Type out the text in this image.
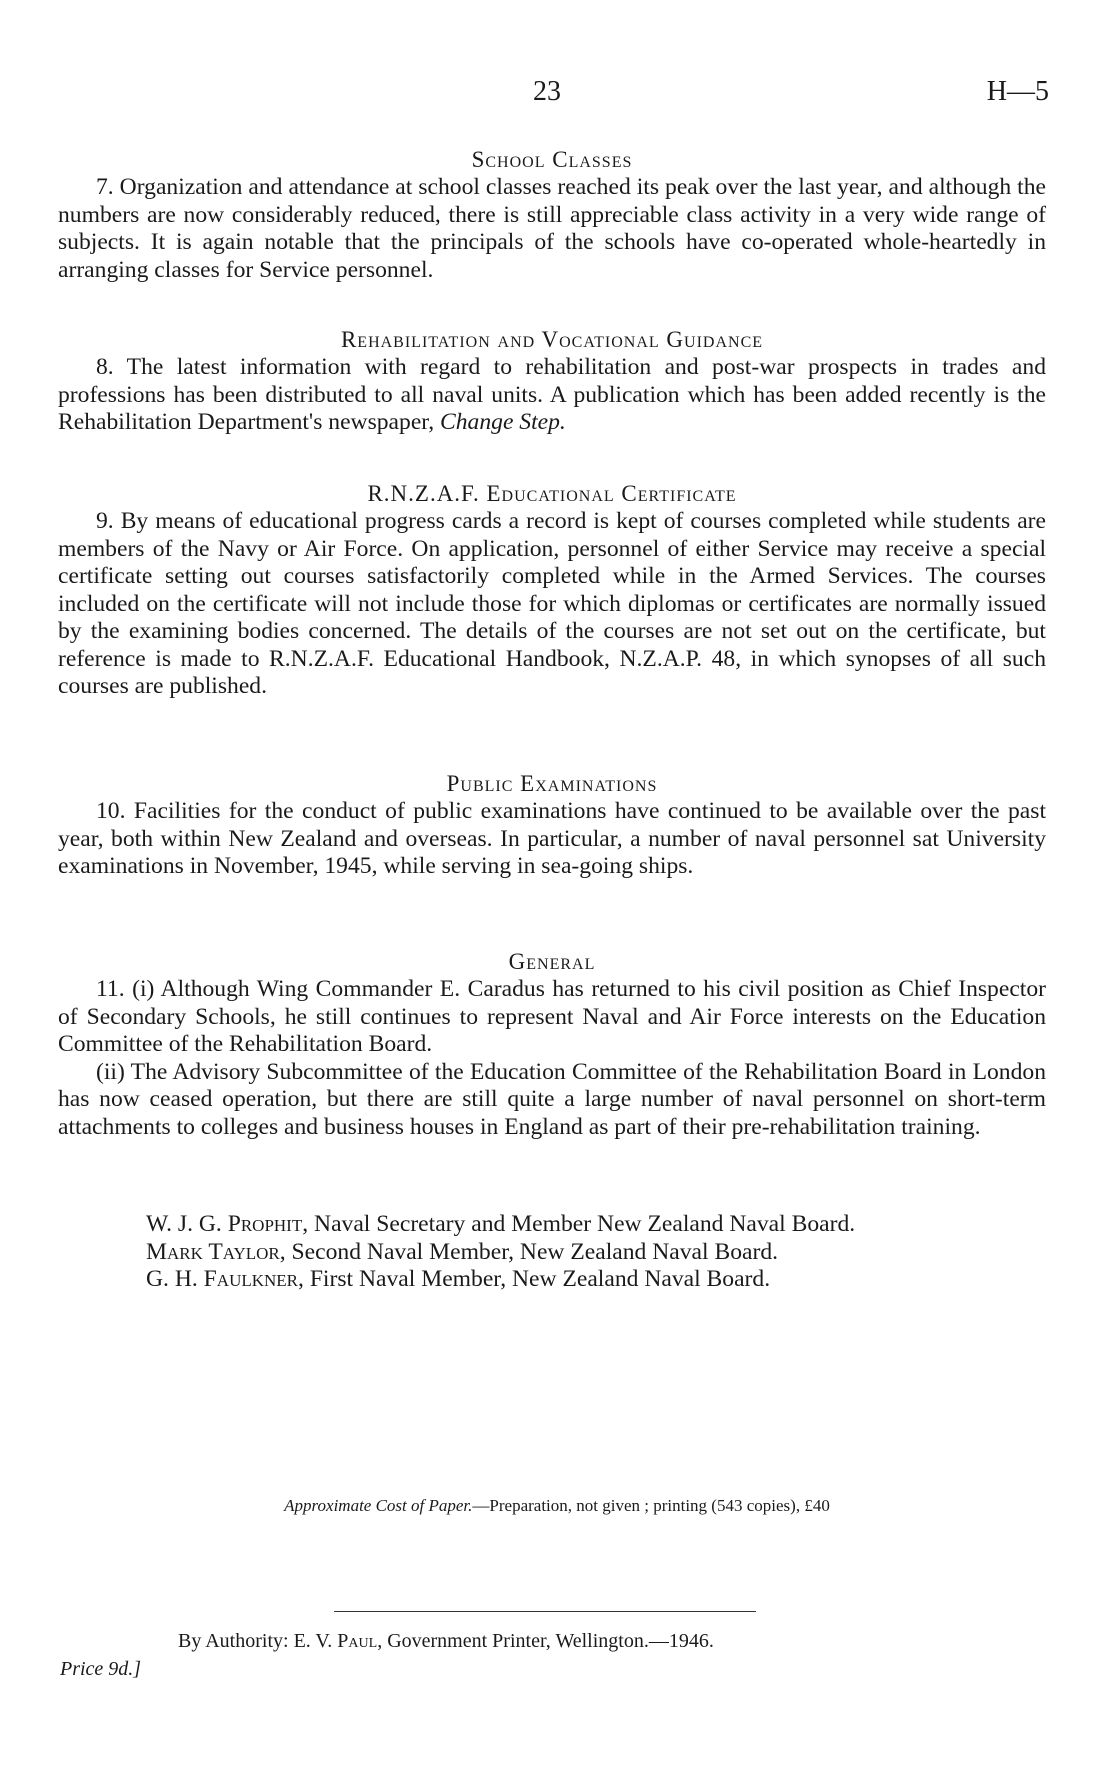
23	H—5

School Classes

7. Organization and attendance at school classes reached its peak over the last year, and although the numbers are now considerably reduced, there is still appreciable class activity in a very wide range of subjects. It is again notable that the principals of the schools have co-operated whole-heartedly in arranging classes for Service personnel.

Rehabilitation and Vocational Guidance

8. The latest information with regard to rehabilitation and post-war prospects in trades and professions has been distributed to all naval units. A publication which has been added recently is the Rehabilitation Department's newspaper, Change Step.

R.N.Z.A.F. Educational Certificate

9. By means of educational progress cards a record is kept of courses completed while students are members of the Navy or Air Force. On application, personnel of either Service may receive a special certificate setting out courses satisfactorily completed while in the Armed Services. The courses included on the certificate will not include those for which diplomas or certificates are normally issued by the examining bodies concerned. The details of the courses are not set out on the certificate, but reference is made to R.N.Z.A.F. Educational Handbook, N.Z.A.P. 48, in which synopses of all such courses are published.

Public Examinations

10. Facilities for the conduct of public examinations have continued to be available over the past year, both within New Zealand and overseas. In particular, a number of naval personnel sat University examinations in November, 1945, while serving in sea-going ships.

General

11. (i) Although Wing Commander E. Caradus has returned to his civil position as Chief Inspector of Secondary Schools, he still continues to represent Naval and Air Force interests on the Education Committee of the Rehabilitation Board.

(ii) The Advisory Subcommittee of the Education Committee of the Rehabilitation Board in London has now ceased operation, but there are still quite a large number of naval personnel on short-term attachments to colleges and business houses in England as part of their pre-rehabilitation training.

W. J. G. Prophit, Naval Secretary and Member New Zealand Naval Board.
Mark Taylor, Second Naval Member, New Zealand Naval Board.
G. H. Faulkner, First Naval Member, New Zealand Naval Board.
Approximate Cost of Paper.—Preparation, not given ; printing (543 copies), £40
By Authority: E. V. Paul, Government Printer, Wellington.—1946.
Price 9d.]
